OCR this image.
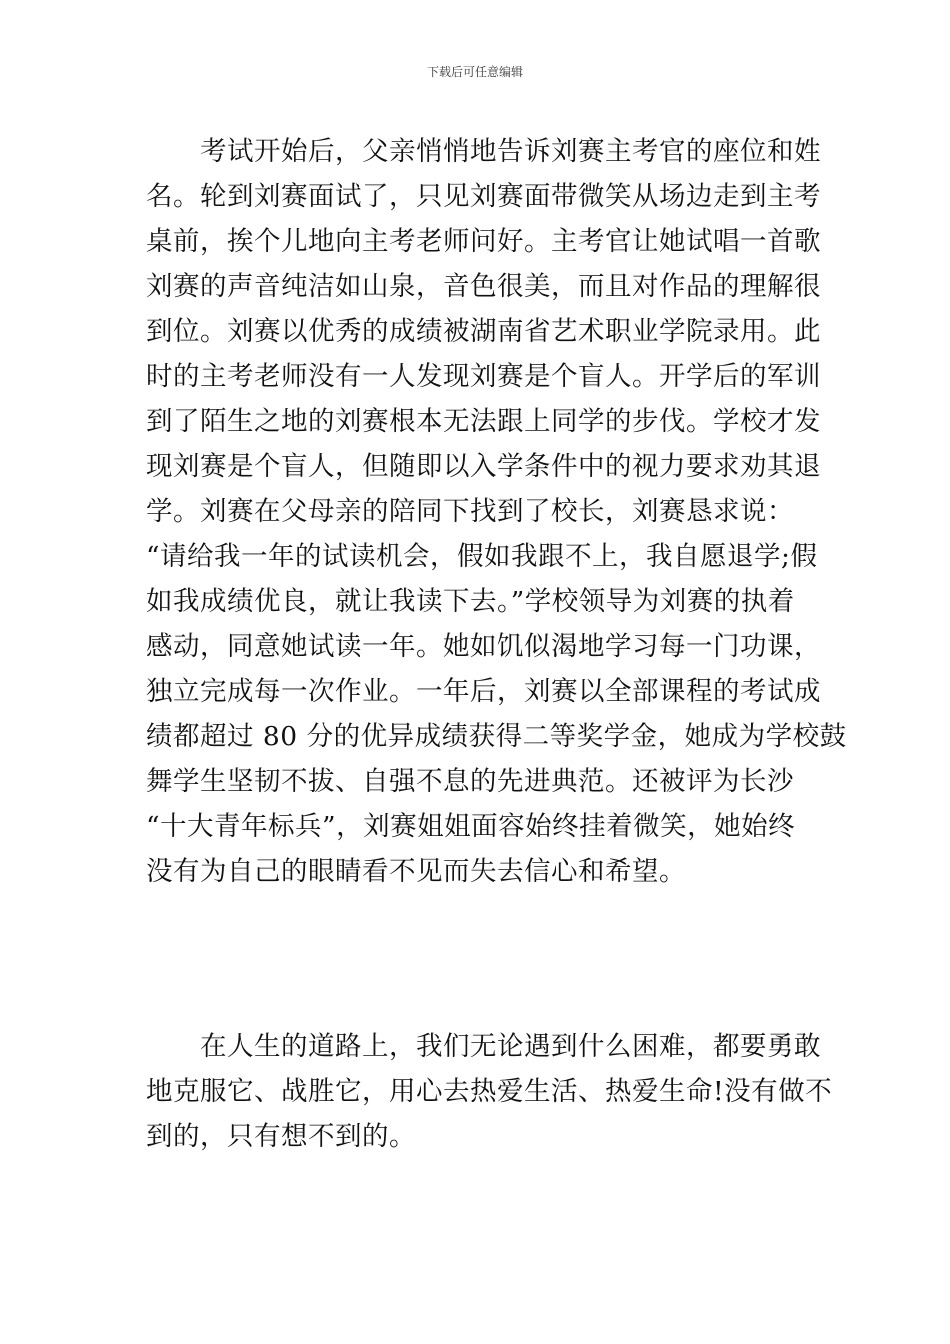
下载后可任意编辑
考试开始后，父亲悄悄地告诉刘赛主考官的座位和姓
名。轮到刘赛面试了，只见刘赛面带微笑从场边走到主考
桌前，挨个儿地向主考老师问好。主考官让她试唱一首歌
刘赛的声音纯洁如山泉，音色很美，而且对作品的理解很
到位。刘赛以优秀的成绩被湖南省艺术职业学院录用。此
时的主考老师没有一人发现刘赛是个盲人。开学后的军训
到了陌生之地的刘赛根本无法跟上同学的步伐。学校才发
现刘赛是个盲人，但随即以入学条件中的视力要求劝其退
学。刘赛在父母亲的陪同下找到了校长，刘赛恳求说：
“请给我一年的试读机会，假如我跟不上，我自愿退学;假
如我成绩优良，就让我读下去。”学校领导为刘赛的执着
感动，同意她试读一年。她如饥似渴地学习每一门功课，
独立完成每一次作业。一年后，刘赛以全部课程的考试成
绩都超过 80 分的优异成绩获得二等奖学金，她成为学校鼓
舞学生坚韧不拔、自强不息的先进典范。还被评为长沙
“十大青年标兵”，刘赛姐姐面容始终挂着微笑，她始终
没有为自己的眼睛看不见而失去信心和希望。
在人生的道路上，我们无论遇到什么困难，都要勇敢
地克服它、战胜它，用心去热爱生活、热爱生命!没有做不
到的，只有想不到的。
